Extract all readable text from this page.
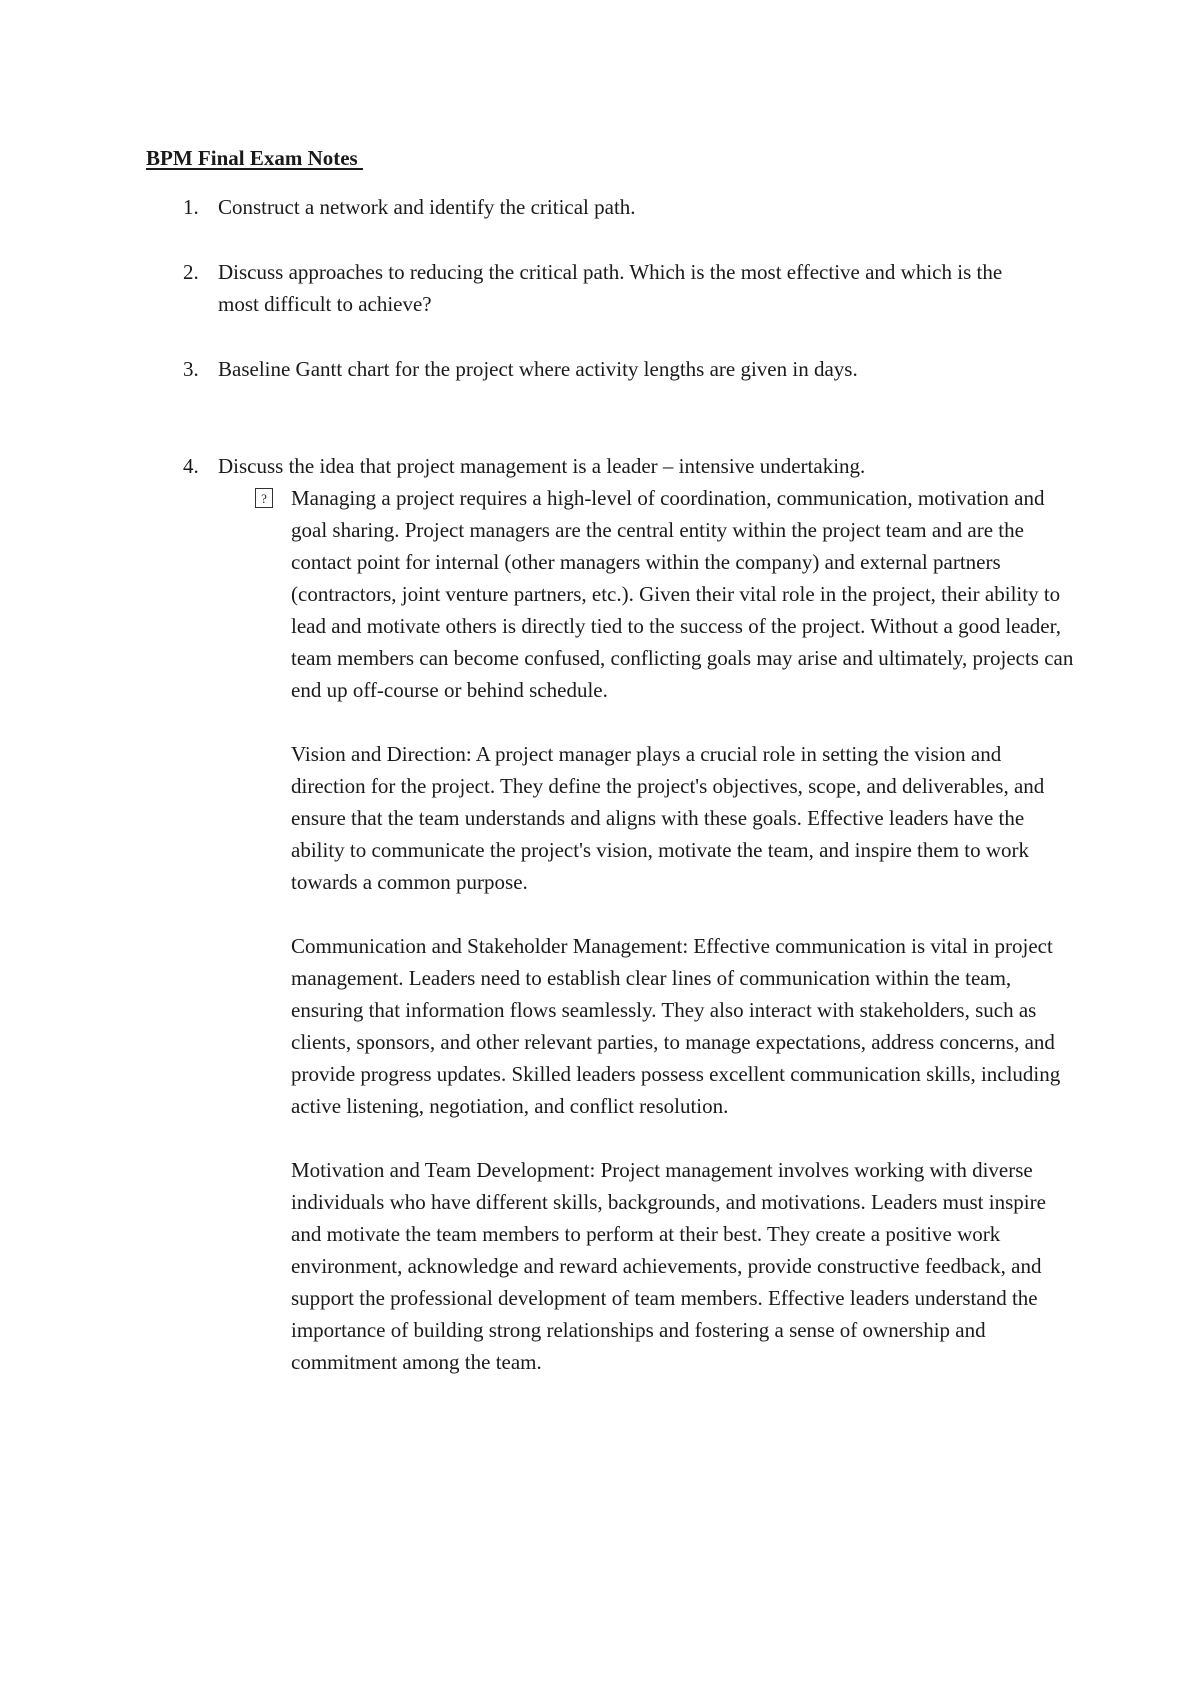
BPM Final Exam Notes
1. Construct a network and identify the critical path.
2. Discuss approaches to reducing the critical path. Which is the most effective and which is the most difficult to achieve?
3. Baseline Gantt chart for the project where activity lengths are given in days.
4. Discuss the idea that project management is a leader – intensive undertaking.
?	Managing a project requires a high-level of coordination, communication, motivation and goal sharing. Project managers are the central entity within the project team and are the contact point for internal (other managers within the company) and external partners (contractors, joint venture partners, etc.). Given their vital role in the project, their ability to lead and motivate others is directly tied to the success of the project. Without a good leader, team members can become confused, conflicting goals may arise and ultimately, projects can end up off-course or behind schedule.

Vision and Direction: A project manager plays a crucial role in setting the vision and direction for the project. They define the project's objectives, scope, and deliverables, and ensure that the team understands and aligns with these goals. Effective leaders have the ability to communicate the project's vision, motivate the team, and inspire them to work towards a common purpose.

Communication and Stakeholder Management: Effective communication is vital in project management. Leaders need to establish clear lines of communication within the team, ensuring that information flows seamlessly. They also interact with stakeholders, such as clients, sponsors, and other relevant parties, to manage expectations, address concerns, and provide progress updates. Skilled leaders possess excellent communication skills, including active listening, negotiation, and conflict resolution.

Motivation and Team Development: Project management involves working with diverse individuals who have different skills, backgrounds, and motivations. Leaders must inspire and motivate the team members to perform at their best. They create a positive work environment, acknowledge and reward achievements, provide constructive feedback, and support the professional development of team members. Effective leaders understand the importance of building strong relationships and fostering a sense of ownership and commitment among the team.
